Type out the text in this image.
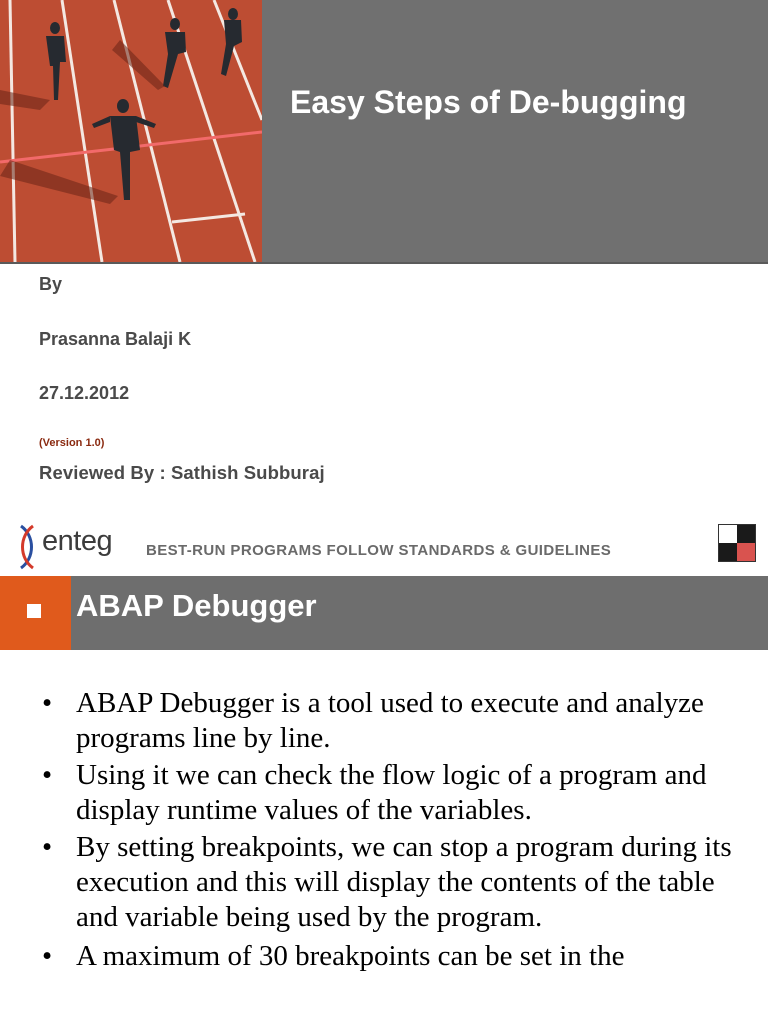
Easy Steps of De-bugging
By
Prasanna Balaji K
27.12.2012
(Version 1.0)
Reviewed By : Sathish Subburaj
enteg BEST-RUN PROGRAMS FOLLOW STANDARDS & GUIDELINES
ABAP Debugger
• ABAP Debugger is a tool used to execute and analyze programs line by line.
• Using it we can check the flow logic of a program and display runtime values of the variables.
• By setting breakpoints, we can stop a program during its execution and this will display the contents of the table and variable being used by the program.
• A maximum of 30 breakpoints can be set in the
